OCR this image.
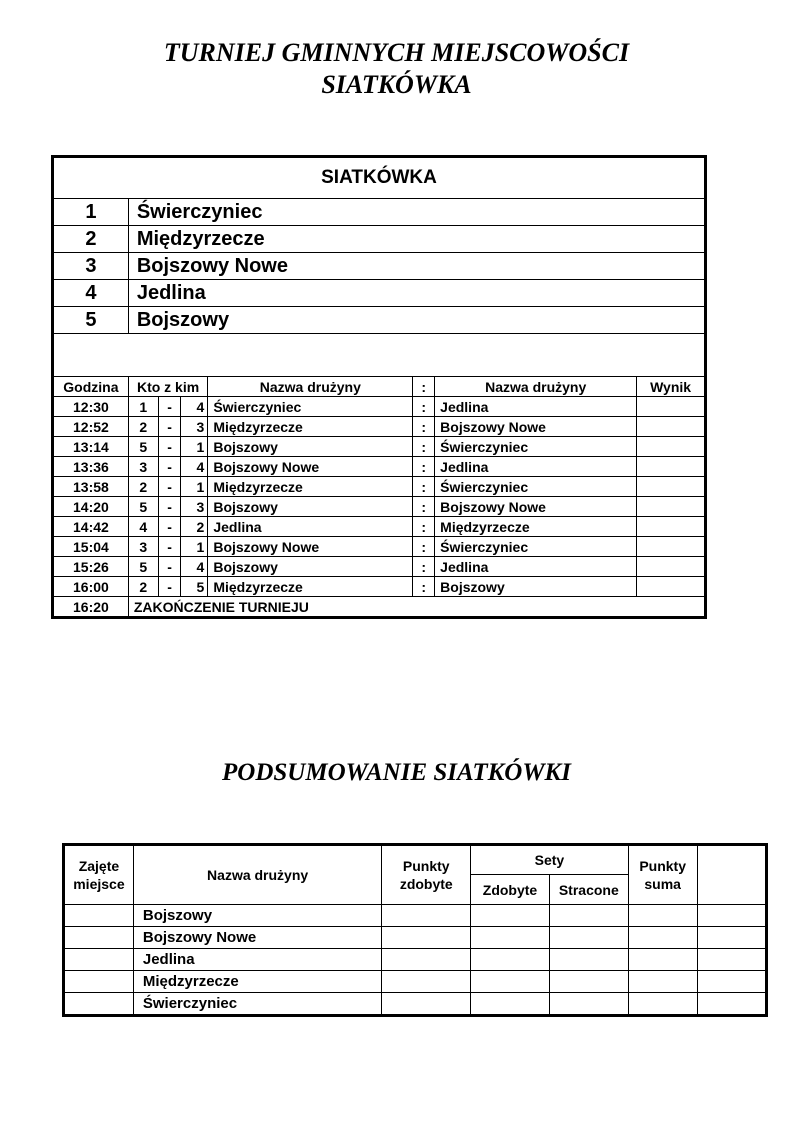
TURNIEJ GMINNYCH MIEJSCOWOŚCI
SIATKÓWKA
SIATKÓWKA							
1	Świerczyniec						
2	Międzyrzecze						
3	Bojszowy Nowe						
4	Jedlina						
5	Bojszowy						

Godzina	Kto z kim			Nazwa drużyny	:	Nazwa drużyny	Wynik
12:30	1	-	4	Świerczyniec	:	Jedlina	
12:52	2	-	3	Międzyrzecze	:	Bojszowy Nowe	
13:14	5	-	1	Bojszowy	:	Świerczyniec	
13:36	3	-	4	Bojszowy Nowe	:	Jedlina	
13:58	2	-	1	Międzyrzecze	:	Świerczyniec	
14:20	5	-	3	Bojszowy	:	Bojszowy Nowe	
14:42	4	-	2	Jedlina	:	Międzyrzecze	
15:04	3	-	1	Bojszowy Nowe	:	Świerczyniec	
15:26	5	-	4	Bojszowy	:	Jedlina	
16:00	2	-	5	Międzyrzecze	:	Bojszowy	
16:20	ZAKOŃCZENIE TURNIEJU						
PODSUMOWANIE SIATKÓWKI
Zajęte miejsce	Nazwa drużyny	Punkty zdobyte	Sety		Punkty suma	
			Zdobyte	Stracone		
	Bojszowy					
	Bojszowy Nowe					
	Jedlina					
	Międzyrzecze					
	Świerczyniec					
